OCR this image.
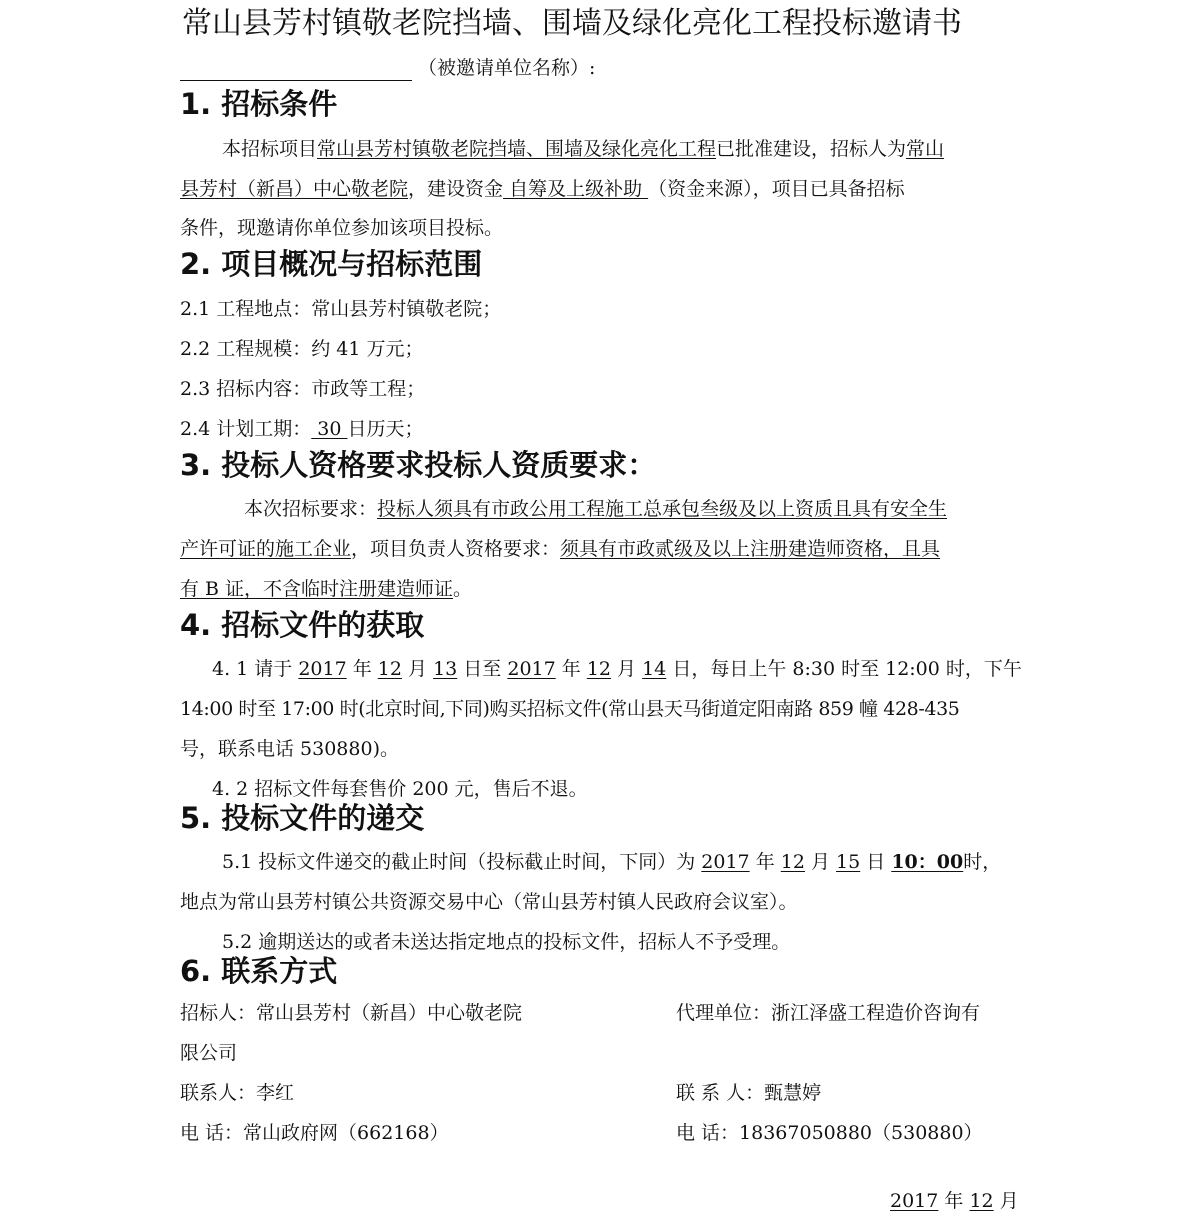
常山县芳村镇敬老院挡墙、围墙及绿化亮化工程投标邀请书
（被邀请单位名称）:
1. 招标条件
本招标项目常山县芳村镇敬老院挡墙、围墙及绿化亮化工程已批准建设，招标人为常山
县芳村（新昌）中心敬老院，建设资金 自筹及上级补助 （资金来源），项目已具备招标
条件，现邀请你单位参加该项目投标。
2. 项目概况与招标范围
2.1 工程地点：常山县芳村镇敬老院；
2.2 工程规模：约 41 万元；
2.3 招标内容：市政等工程；
2.4 计划工期： 30 日历天；
3. 投标人资格要求投标人资质要求：
本次招标要求：投标人须具有市政公用工程施工总承包叁级及以上资质且具有安全生
产许可证的施工企业，项目负责人资格要求：须具有市政贰级及以上注册建造师资格，且具
有 B 证，不含临时注册建造师证。
4. 招标文件的获取
4. 1 请于 2017 年 12 月 13 日至 2017 年 12 月 14 日，每日上午 8:30 时至 12:00 时，下午
14:00 时至 17:00 时(北京时间,下同)购买招标文件(常山县天马街道定阳南路 859 幢 428-435
号，联系电话 530880)。
4. 2 招标文件每套售价 200 元，售后不退。
5. 投标文件的递交
5.1 投标文件递交的截止时间（投标截止时间，下同）为 2017 年 12 月 15 日 10：00时，
地点为常山县芳村镇公共资源交易中心（常山县芳村镇人民政府会议室）。
5.2 逾期送达的或者未送达指定地点的投标文件，招标人不予受理。
6. 联系方式
招标人：常山县芳村（新昌）中心敬老院	代理单位：浙江泽盛工程造价咨询有
限公司
联系人：李红	联 系 人：甄慧婷
电 话：常山政府网（662168）	电 话：18367050880（530880）
2017 年 12 月
